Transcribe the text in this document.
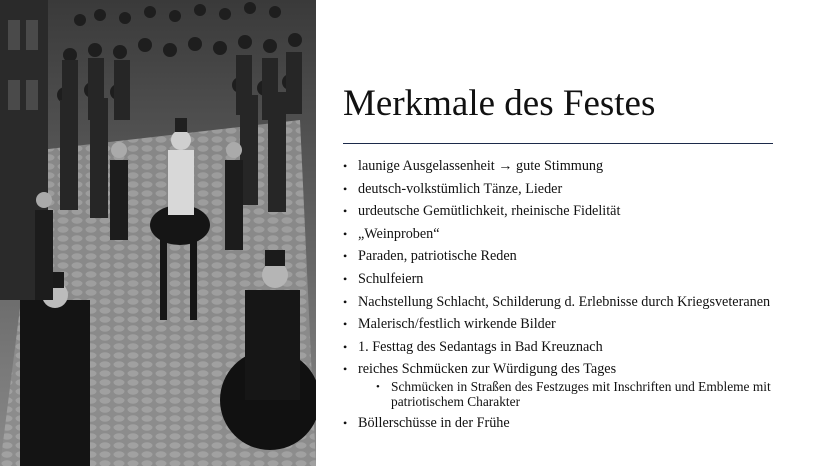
Merkmale des Festes
• launige Ausgelassenheit → gute Stimmung
• deutsch-volkstümlich Tänze, Lieder
• urdeutsche Gemütlichkeit, rheinische Fidelität
• „Weinproben“
• Paraden, patriotische Reden
• Schulfeiern
• Nachstellung Schlacht, Schilderung d. Erlebnisse durch Kriegsveteranen
• Malerisch/festlich wirkende Bilder
• 1. Festtag des Sedantags in Bad Kreuznach
• reiches Schmücken zur Würdigung des Tages
• Schmücken in Straßen des Festzuges mit Inschriften und Embleme mit patriotischem Charakter
• Böllerschüsse in der Frühe
